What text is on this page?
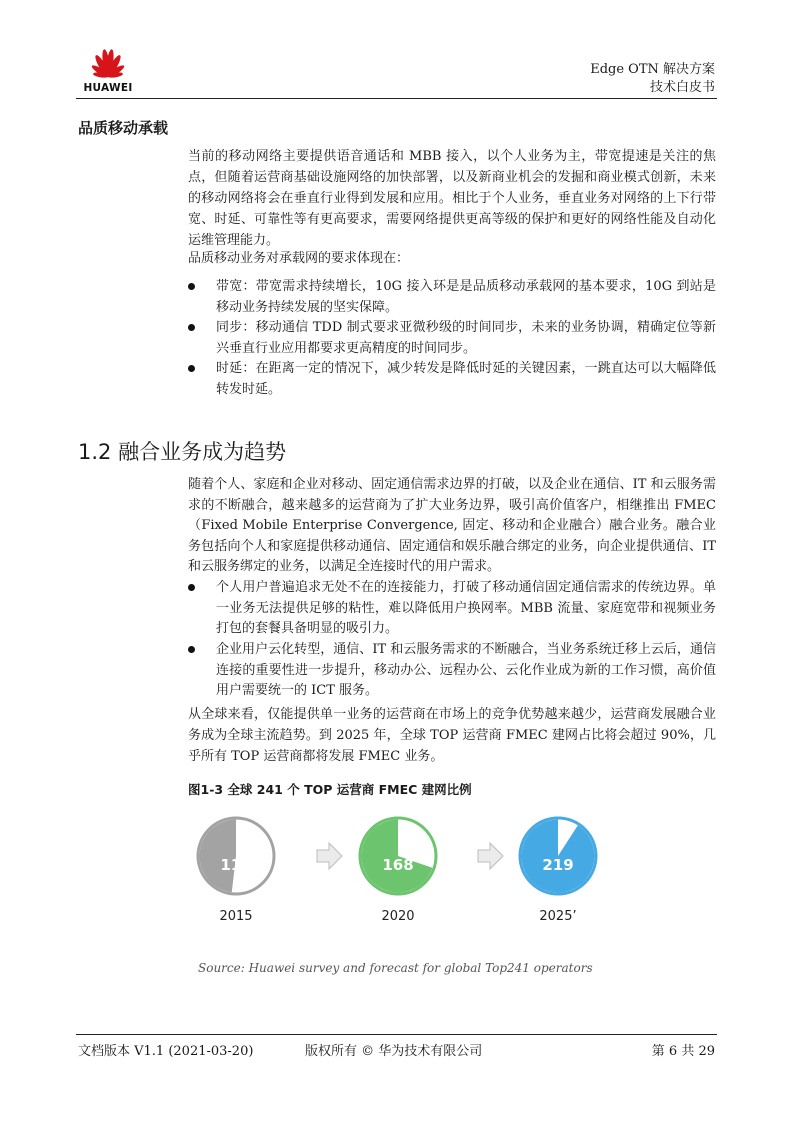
HUAWEI
Edge OTN 解决方案
技术白皮书
品质移动承载

当前的移动网络主要提供语音通话和 MBB 接入，以个人业务为主，带宽提速是关注的焦点，但随着运营商基础设施网络的加快部署，以及新商业机会的发掘和商业模式创新，未来的移动网络将会在垂直行业得到发展和应用。相比于个人业务，垂直业务对网络的上下行带宽、时延、可靠性等有更高要求，需要网络提供更高等级的保护和更好的网络性能及自动化运维管理能力。

品质移动业务对承载网的要求体现在：

带宽：带宽需求持续增长，10G 接入环是是品质移动承载网的基本要求，10G 到站是移动业务持续发展的坚实保障。
同步：移动通信 TDD 制式要求亚微秒级的时间同步，未来的业务协调，精确定位等新兴垂直行业应用都要求更高精度的时间同步。
时延：在距离一定的情况下，减少转发是降低时延的关键因素，一跳直达可以大幅降低转发时延。
1.2 融合业务成为趋势

随着个人、家庭和企业对移动、固定通信需求边界的打破，以及企业在通信、IT 和云服务需求的不断融合，越来越多的运营商为了扩大业务边界，吸引高价值客户，相继推出 FMEC（Fixed Mobile Enterprise Convergence, 固定、移动和企业融合）融合业务。融合业务包括向个人和家庭提供移动通信、固定通信和娱乐融合绑定的业务，向企业提供通信、IT 和云服务绑定的业务，以满足全连接时代的用户需求。

个人用户普遍追求无处不在的连接能力，打破了移动通信固定通信需求的传统边界。单一业务无法提供足够的粘性，难以降低用户换网率。MBB 流量、家庭宽带和视频业务打包的套餐具备明显的吸引力。
企业用户云化转型，通信、IT 和云服务需求的不断融合，当业务系统迁移上云后，通信连接的重要性进一步提升，移动办公、远程办公、云化作业成为新的工作习惯，高价值用户需要统一的 ICT 服务。

从全球来看，仅能提供单一业务的运营商在市场上的竞争优势越来越少，运营商发展融合业务成为全球主流趋势。到 2025 年，全球 TOP 运营商 FMEC 建网占比将会超过 90%，几乎所有 TOP 运营商都将发展 FMEC 业务。

图1-3 全球 241 个 TOP 运营商 FMEC 建网比例
116
2015
168
2020
219
2025’
Source: Huawei survey and forecast for global Top241 operators
文档版本 V1.1 (2021-03-20)	版权所有 © 华为技术有限公司	第 6 共 29
